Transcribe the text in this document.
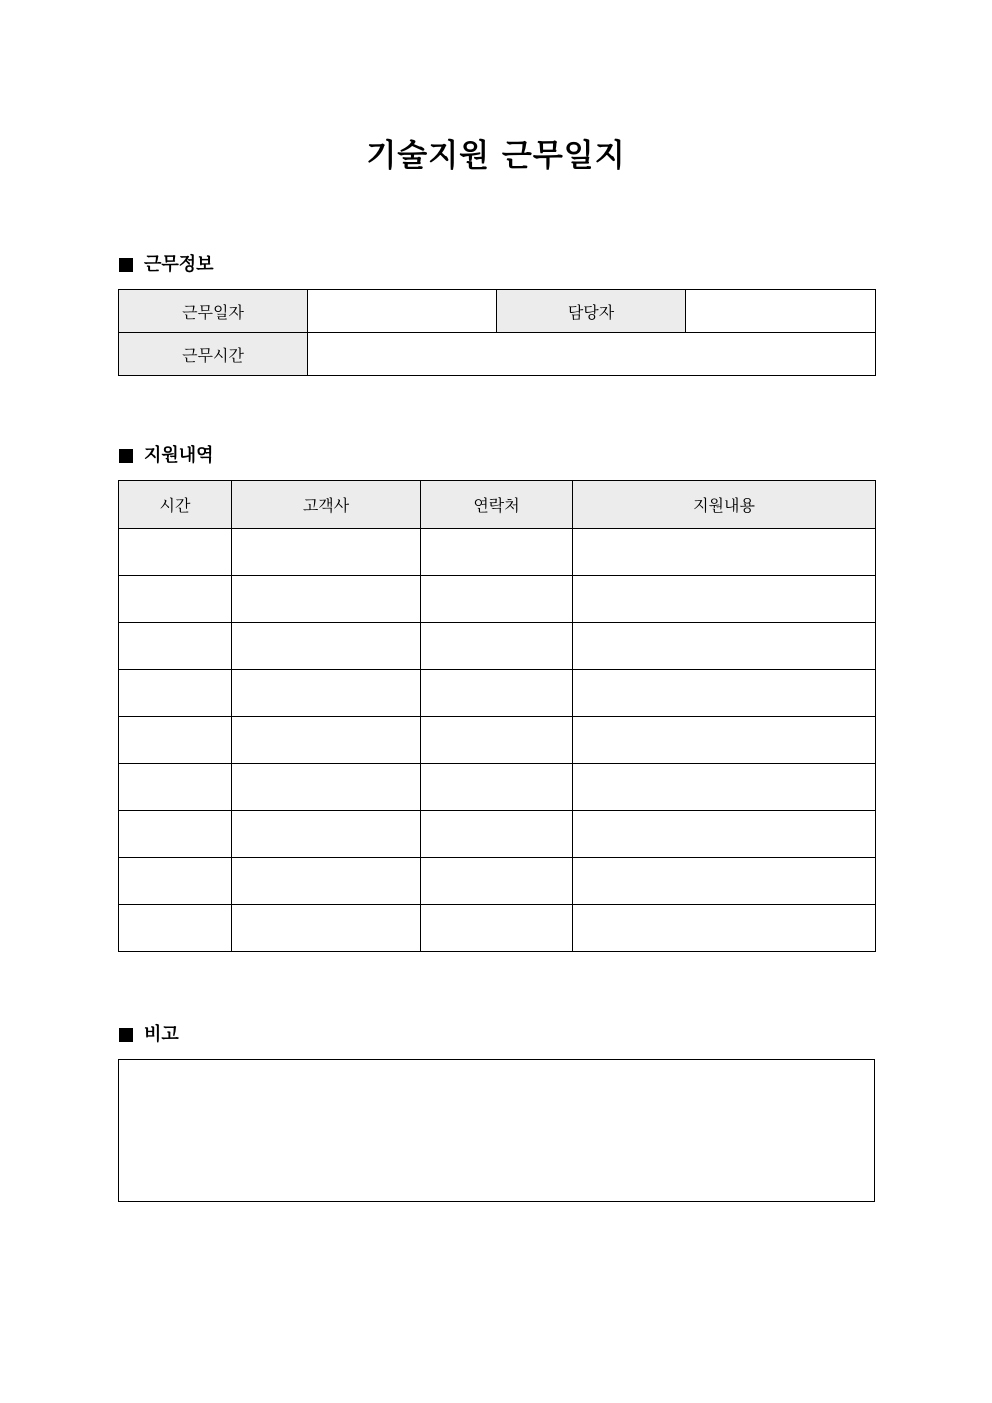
기술지원 근무일지
근무정보
근무일자		담당자	
근무시간			
지원내역
시간	고객사	연락처	지원내용

비고
